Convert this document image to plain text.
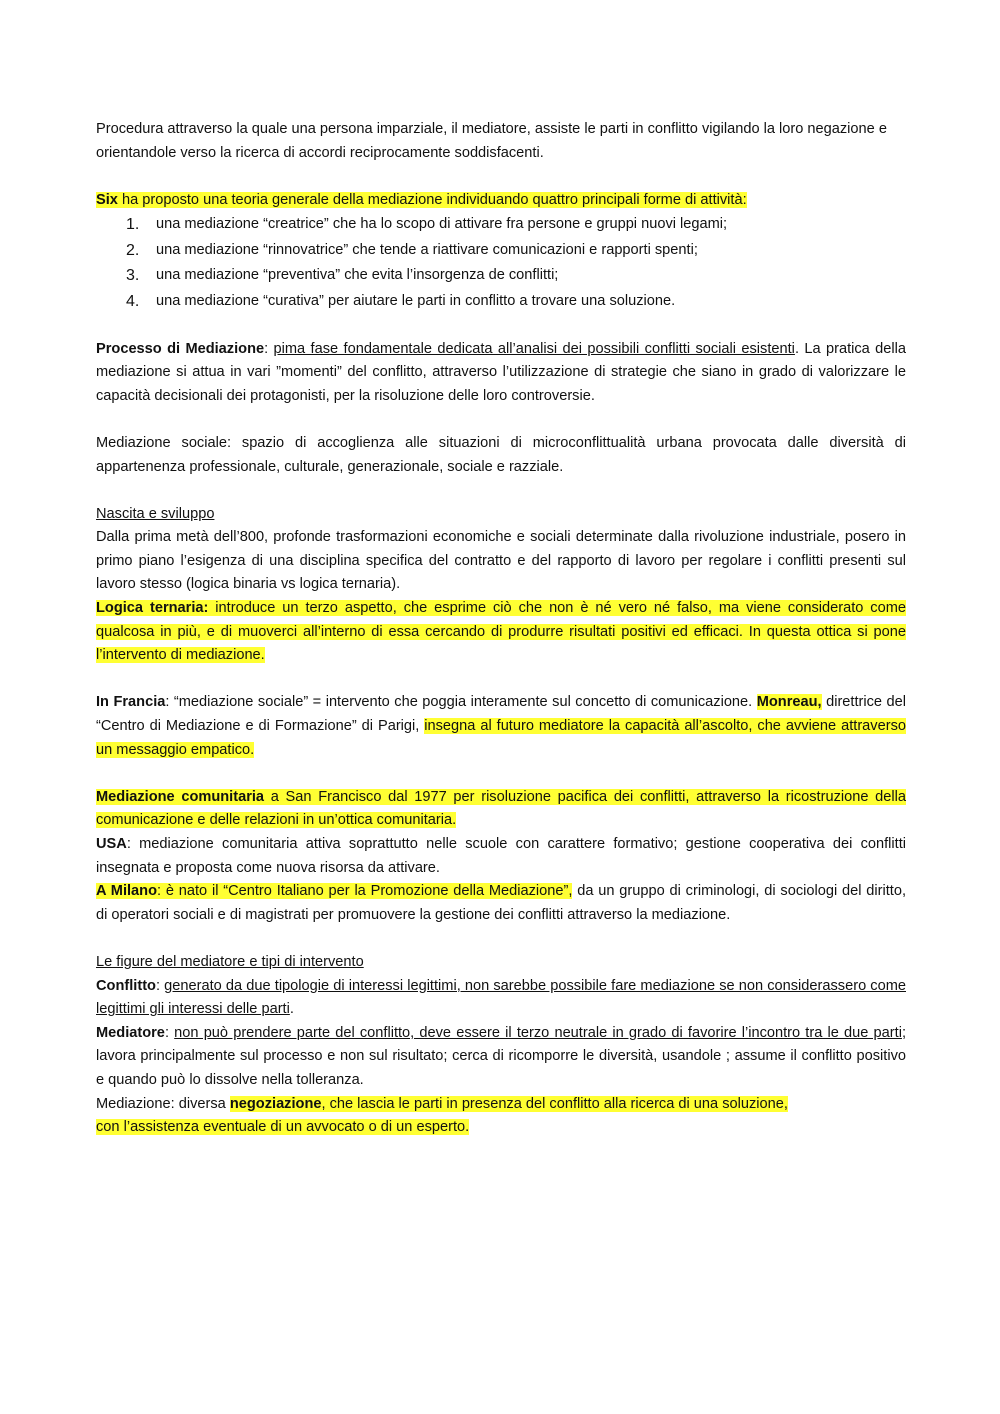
Procedura attraverso la quale una persona imparziale, il mediatore, assiste le parti in conflitto vigilando la loro negazione e orientandole verso la ricerca di accordi reciprocamente soddisfacenti.

Six ha proposto una teoria generale della mediazione individuando quattro principali forme di attività:

1.	una mediazione “creatrice” che ha lo scopo di attivare fra persone e gruppi nuovi legami;
2.	una mediazione “rinnovatrice” che tende a riattivare comunicazioni e rapporti spenti;
3.	una mediazione “preventiva” che evita l’insorgenza de conflitti;
4.	una mediazione “curativa” per aiutare le parti in conflitto a trovare una soluzione.

Processo di Mediazione: pima fase fondamentale dedicata all’analisi dei possibili conflitti sociali esistenti. La pratica della mediazione si attua in vari ”momenti” del conflitto, attraverso l’utilizzazione di strategie che siano in grado di valorizzare le capacità decisionali dei protagonisti, per la risoluzione delle loro controversie.

Mediazione sociale: spazio di accoglienza alle situazioni di microconflittualità urbana provocata dalle diversità di appartenenza professionale, culturale, generazionale, sociale e razziale.

Nascita e sviluppo

Dalla prima metà dell’800, profonde trasformazioni economiche e sociali determinate dalla rivoluzione industriale, posero in primo piano l’esigenza di una disciplina specifica del contratto e del rapporto di lavoro per regolare i conflitti presenti sul lavoro stesso (logica binaria vs logica ternaria).

Logica ternaria: introduce un terzo aspetto, che esprime ciò che non è né vero né falso, ma viene considerato come qualcosa in più, e di muoverci all’interno di essa cercando di produrre risultati positivi ed efficaci. In questa ottica si pone l’intervento di mediazione.

In Francia: “mediazione sociale” = intervento che poggia interamente sul concetto di comunicazione. Monreau, direttrice del “Centro di Mediazione e di Formazione” di Parigi, insegna al futuro mediatore la capacità all’ascolto, che avviene attraverso un messaggio empatico.

Mediazione comunitaria a San Francisco dal 1977 per risoluzione pacifica dei conflitti, attraverso la ricostruzione della comunicazione e delle relazioni in un’ottica comunitaria.

USA: mediazione comunitaria attiva soprattutto nelle scuole con carattere formativo; gestione cooperativa dei conflitti insegnata e proposta come nuova risorsa da attivare.

A Milano: è nato il “Centro Italiano per la Promozione della Mediazione”, da un gruppo di criminologi, di sociologi del diritto, di operatori sociali e di magistrati per promuovere la gestione dei conflitti attraverso la mediazione.

Le figure del mediatore e tipi di intervento

Conflitto: generato da due tipologie di interessi legittimi, non sarebbe possibile fare mediazione se non considerassero come legittimi gli interessi delle parti.

Mediatore: non può prendere parte del conflitto, deve essere il terzo neutrale in grado di favorire l’incontro tra le due parti; lavora principalmente sul processo e non sul risultato; cerca di ricomporre le diversità, usandole ; assume il conflitto positivo e quando può lo dissolve nella tolleranza.

Mediazione: diversa negoziazione, che lascia le parti in presenza del conflitto alla ricerca di una soluzione,

con l’assistenza eventuale di un avvocato o di un esperto.
